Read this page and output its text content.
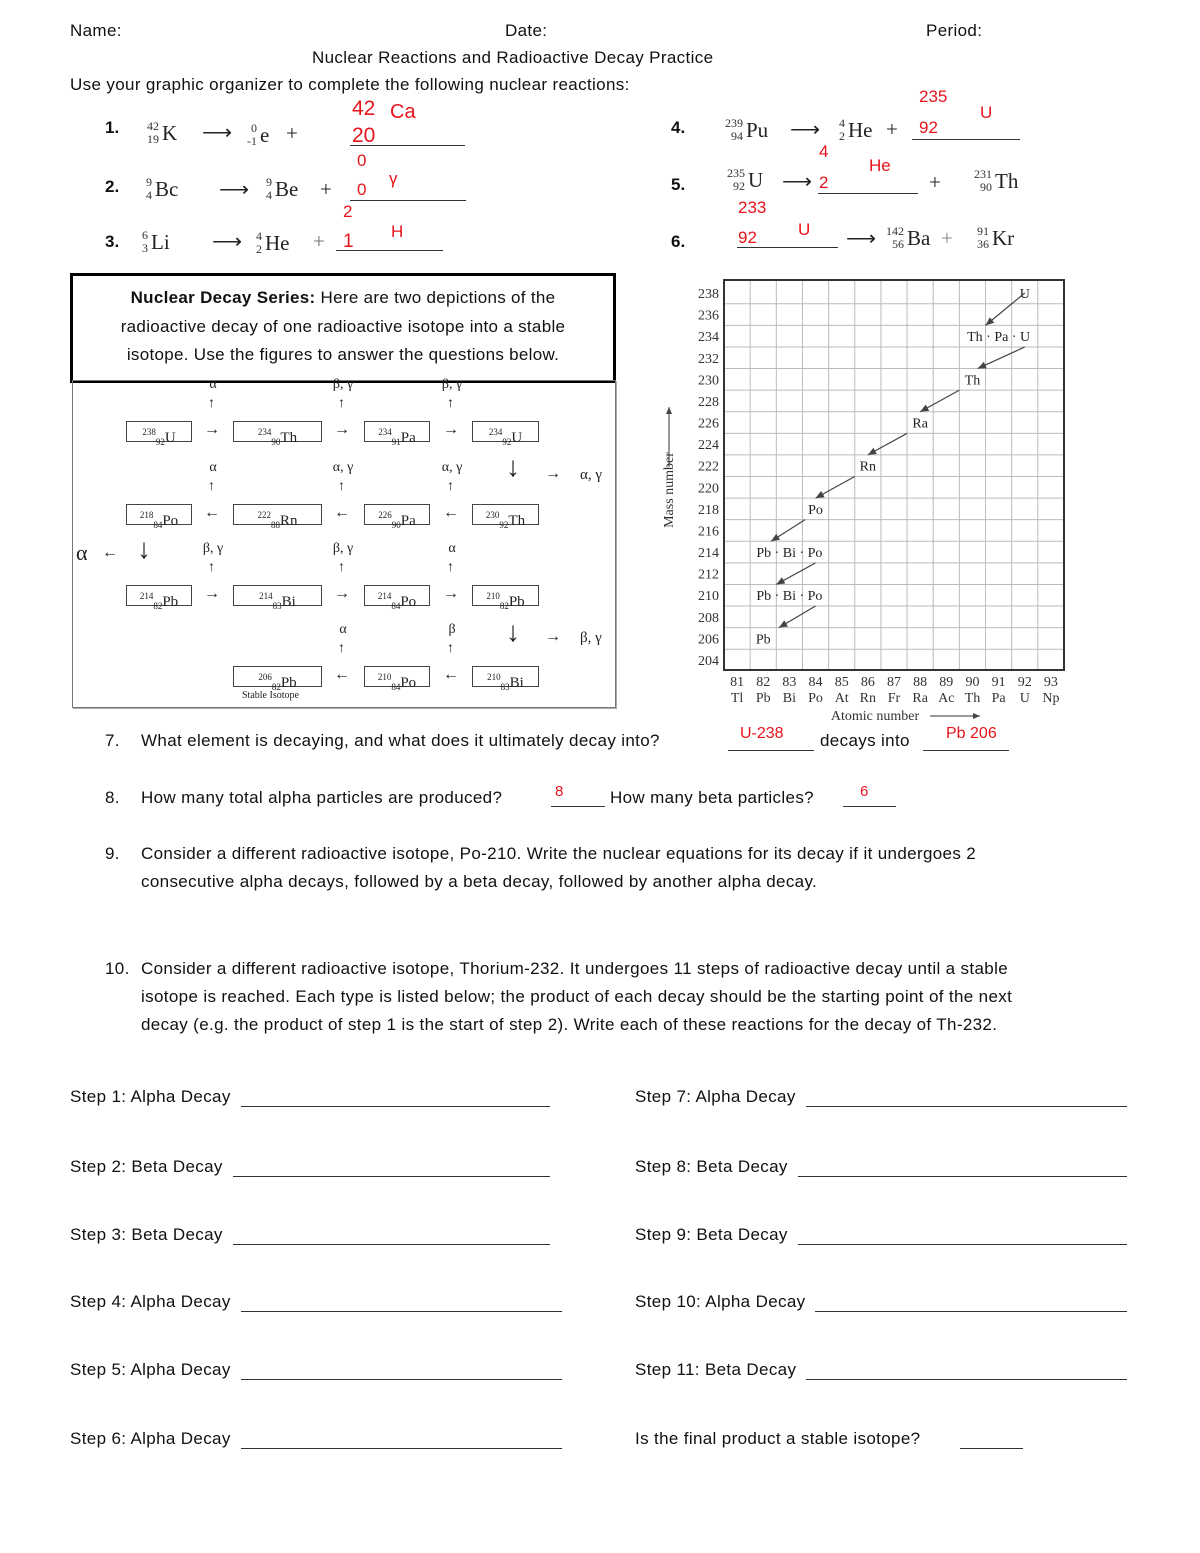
Name:	Date:	Period:
Nuclear Reactions and Radioactive Decay Practice
Use your graphic organizer to complete the following nuclear reactions:
1. 42
19 K ⟶ 0
-1 e +
42 Ca
20
2. 9
4 Bc ⟶ 9
4 Be +
0
γ
0
2
3. 6
3 Li ⟶ 4
2 He + 1 H
4.	239
94 Pu ⟶ 4
2 He +
235
92
U
5.
235
92 U ⟶
4
He
2	+	231
90 Th
6.
233
92 U ⟶ 142
56 Ba + 91
36 Kr
Nuclear Decay Series: Here are two depictions of the
radioactive decay of one radioactive isotope into a stable
isotope. Use the figures to answer the questions below.
$^{238}_{92}$U	$^{234}_{90}$Th	$^{234}_{91}$Pa	$^{234}_{92}$U
$^{218}_{84}$Po	$^{222}_{88}$Rn	$^{226}_{90}$Pa	$^{230}_{92}$Th
$^{214}_{82}$Pb	$^{214}_{83}$Bi	$^{214}_{84}$Po	$^{210}_{82}$Pb
$^{206}_{82}$Pb	$^{210}_{84}$Po	$^{210}_{83}$Bi
Stable Isotope
→
↑
α
→
↑
β, γ
→
↑
β, γ
←
↑
α
←
↑
α, γ
←
↑
α, γ
→
↑
β, γ
→
↑
β, γ
→
↑
α
←
↑
α
←
↑
β
↓ → α, γ
↓ → β, γ
↓
α ←
238
236
234
232
230
228
226
224
222
220
218
216
214
212
210
208
206
204
81
Tl
82
Pb
83
Bi
84
Po
85
At
86
Rn
87
Fr
88
Ra
89
Ac
90
Th
91
Pa
92
U
93
Np
Atomic number
Mass number
U
Th · Pa · U
Th
Ra
Rn
Po
Pb · Bi · Po
Pb · Bi · Po
Pb
7. What element is decaying, and what does it ultimately decay into?	U-238 decays into Pb 206
8. How many total alpha particles are produced?	8	How many beta particles?	6
9. Consider a different radioactive isotope, Po-210. Write the nuclear equations for its decay if it undergoes 2
consecutive alpha decays, followed by a beta decay, followed by another alpha decay.
10. Consider a different radioactive isotope, Thorium-232. It undergoes 11 steps of radioactive decay until a stable
isotope is reached. Each type is listed below; the product of each decay should be the starting point of the next
decay (e.g. the product of step 1 is the start of step 2). Write each of these reactions for the decay of Th-232.
Step 1: Alpha Decay
Step 2: Beta Decay
Step 3: Beta Decay
Step 4: Alpha Decay
Step 5: Alpha Decay
Step 6: Alpha Decay
Step 7: Alpha Decay
Step 8: Beta Decay
Step 9: Beta Decay
Step 10: Alpha Decay
Step 11: Beta Decay
Is the final product a stable isotope?
